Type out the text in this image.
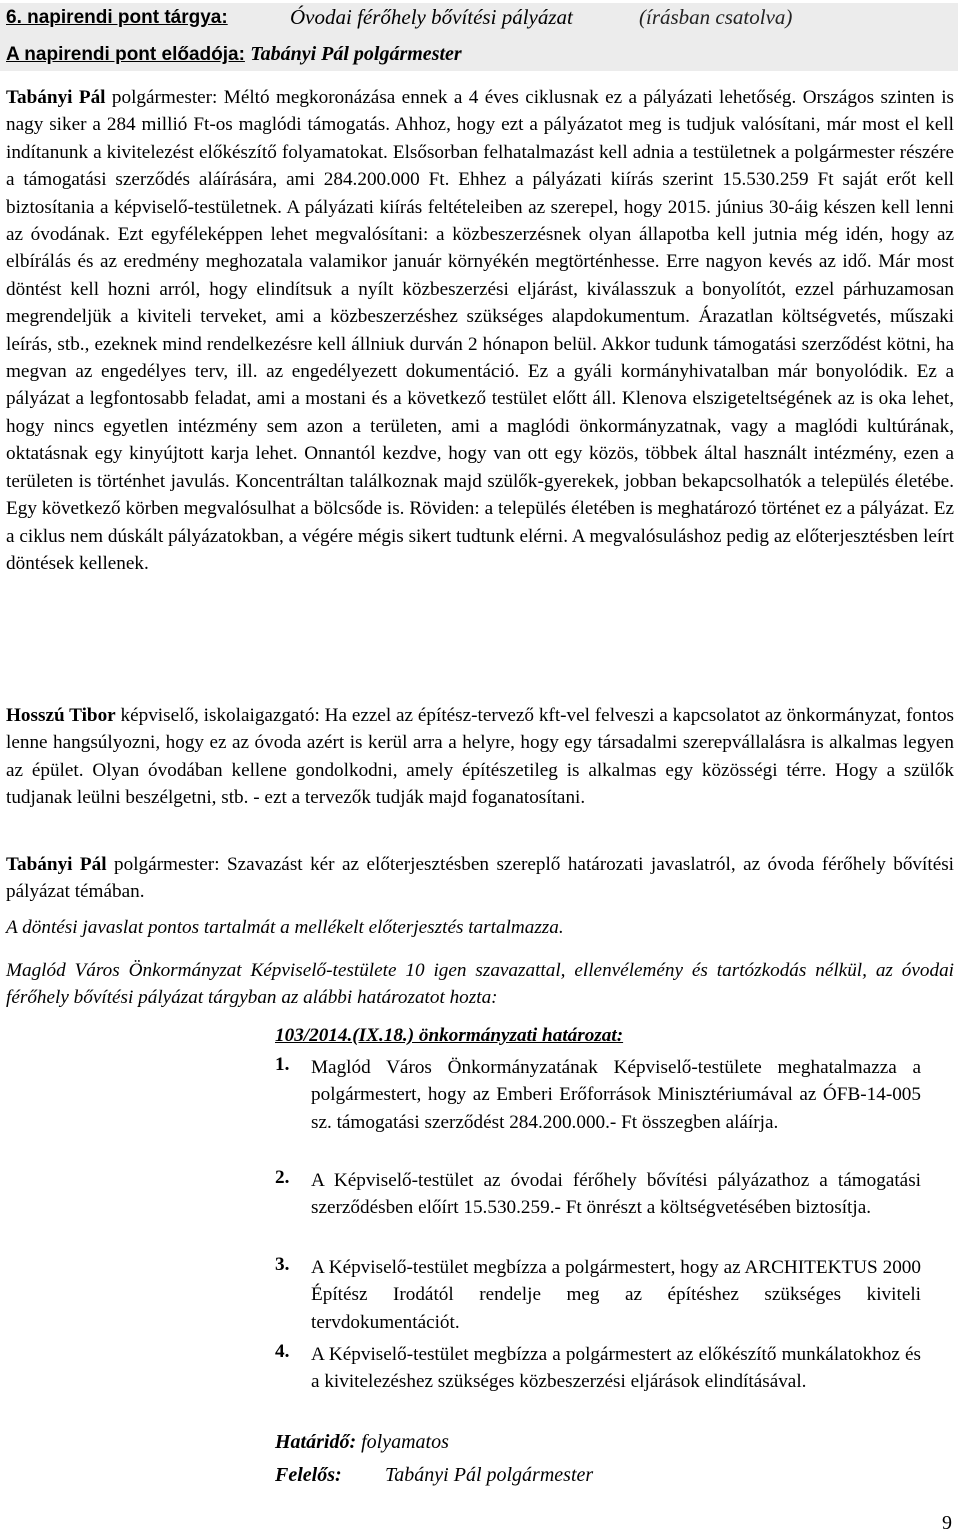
6. napirendi pont tárgya:	Óvodai férőhely bővítési pályázat	(írásban csatolva)
A napirendi pont előadója: Tabányi Pál polgármester

Tabányi Pál polgármester: Méltó megkoronázása ennek a 4 éves ciklusnak ez a pályázati lehetőség. Országos szinten is nagy siker a 284 millió Ft-os maglódi támogatás. Ahhoz, hogy ezt a pályázatot meg is tudjuk valósítani, már most el kell indítanunk a kivitelezést előkészítő folyamatokat. Elsősorban felhatalmazást kell adnia a testületnek a polgármester részére a támogatási szerződés aláírására, ami 284.200.000 Ft. Ehhez a pályázati kiírás szerint 15.530.259 Ft saját erőt kell biztosítania a képviselő-testületnek. A pályázati kiírás feltételeiben az szerepel, hogy 2015. június 30-áig készen kell lenni az óvodának. Ezt egyféleképpen lehet megvalósítani: a közbeszerzésnek olyan állapotba kell jutnia még idén, hogy az elbírálás és az eredmény meghozatala valamikor január környékén megtörténhesse. Erre nagyon kevés az idő. Már most döntést kell hozni arról, hogy elindítsuk a nyílt közbeszerzési eljárást, kiválasszuk a bonyolítót, ezzel párhuzamosan megrendeljük a kiviteli terveket, ami a közbeszerzéshez szükséges alapdokumentum. Árazatlan költségvetés, műszaki leírás, stb., ezeknek mind rendelkezésre kell állniuk durván 2 hónapon belül. Akkor tudunk támogatási szerződést kötni, ha megvan az engedélyes terv, ill. az engedélyezett dokumentáció. Ez a gyáli kormányhivatalban már bonyolódik. Ez a pályázat a legfontosabb feladat, ami a mostani és a következő testület előtt áll. Klenova elszigeteltségének az is oka lehet, hogy nincs egyetlen intézmény sem azon a területen, ami a maglódi önkormányzatnak, vagy a maglódi kultúrának, oktatásnak egy kinyújtott karja lehet. Onnantól kezdve, hogy van ott egy közös, többek által használt intézmény, ezen a területen is történhet javulás. Koncentráltan találkoznak majd szülők-gyerekek, jobban bekapcsolhatók a település életébe. Egy következő körben megvalósulhat a bölcsőde is. Röviden: a település életében is meghatározó történet ez a pályázat. Ez a ciklus nem dúskált pályázatokban, a végére mégis sikert tudtunk elérni. A megvalósuláshoz pedig az előterjesztésben leírt döntések kellenek.

Hosszú Tibor képviselő, iskolaigazgató: Ha ezzel az építész-tervező kft-vel felveszi a kapcsolatot az önkormányzat, fontos lenne hangsúlyozni, hogy ez az óvoda azért is kerül arra a helyre, hogy egy társadalmi szerepvállalásra is alkalmas legyen az épület. Olyan óvodában kellene gondolkodni, amely építészetileg is alkalmas egy közösségi térre. Hogy a szülők tudjanak leülni beszélgetni, stb. - ezt a tervezők tudják majd foganatosítani.

Tabányi Pál polgármester: Szavazást kér az előterjesztésben szereplő határozati javaslatról, az óvoda férőhely bővítési pályázat témában.

A döntési javaslat pontos tartalmát a mellékelt előterjesztés tartalmazza.

Maglód Város Önkormányzat Képviselő-testülete 10 igen szavazattal, ellenvélemény és tartózkodás nélkül, az óvodai férőhely bővítési pályázat tárgyban az alábbi határozatot hozta:

103/2014.(IX.18.) önkormányzati határozat:
1. Maglód Város Önkormányzatának Képviselő-testülete meghatalmazza a polgármestert, hogy az Emberi Erőforrások Minisztériumával az ÓFB-14-005 sz. támogatási szerződést 284.200.000.- Ft összegben aláírja.
2. A Képviselő-testület az óvodai férőhely bővítési pályázathoz a támogatási szerződésben előírt 15.530.259.- Ft önrészt a költségvetésében biztosítja.
3. A Képviselő-testület megbízza a polgármestert, hogy az ARCHITEKTUS 2000 Építész Irodától rendelje meg az építéshez szükséges kiviteli tervdokumentációt.
4. A Képviselő-testület megbízza a polgármestert az előkészítő munkálatokhoz és a kivitelezéshez szükséges közbeszerzési eljárások elindításával.
Határidő: folyamatos
Felelős: Tabányi Pál polgármester
9
